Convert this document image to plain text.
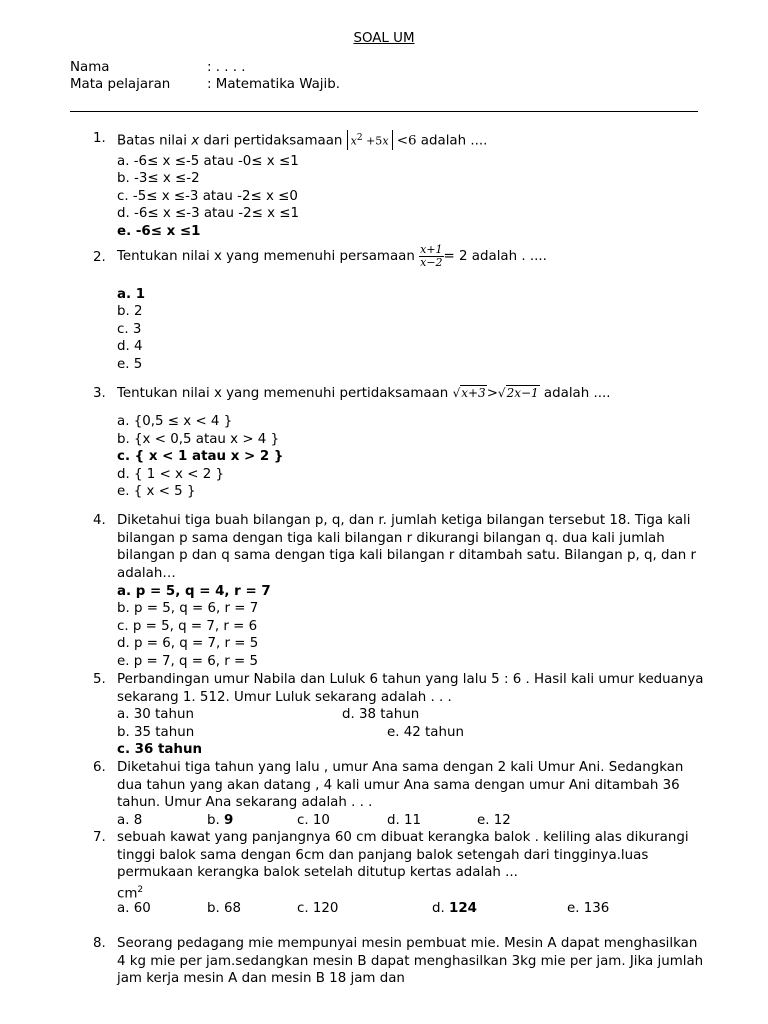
SOAL UM
Nama	: . . . .
Mata pelajaran	: Matematika Wajib.
1. Batas nilai x dari pertidaksamaan $x^2 +5x <6$ adalah ....
a. -6≤ x ≤-5 atau -0≤ x ≤1
b. -3≤ x ≤-2
c. -5≤ x ≤-3 atau -2≤ x ≤0
d. -6≤ x ≤-3 atau -2≤ x ≤1
e. -6≤ x ≤1
2. Tentukan nilai x yang memenuhi persamaan $\frac{x+1}{x-2} = 2$ adalah . ....
a. 1
b. 2
c. 3
d. 4
e. 5
3. Tentukan nilai x yang memenuhi pertidaksamaan √x+3>√2x−1 adalah ....
a. {0,5 ≤ x < 4 }
b. {x < 0,5 atau x > 4 }
c. { x < 1 atau x > 2 }
d. { 1 < x < 2 }
e. { x < 5 }
4. Diketahui tiga buah bilangan p, q, dan r. jumlah ketiga bilangan tersebut 18. Tiga kali bilangan p sama dengan tiga kali bilangan r dikurangi bilangan q. dua kali jumlah bilangan p dan q sama dengan tiga kali bilangan r ditambah satu. Bilangan p, q, dan r adalah…
a. p = 5, q = 4, r = 7
b. p = 5, q = 6, r = 7
c. p = 5, q = 7, r = 6
d. p = 6, q = 7, r = 5
e. p = 7, q = 6, r = 5
5. Perbandingan umur Nabila dan Luluk 6 tahun yang lalu 5 : 6 . Hasil kali umur keduanya sekarang 1. 512. Umur Luluk sekarang adalah . . .
a. 30 tahun	d. 38 tahun
b. 35 tahun	e. 42 tahun
c. 36 tahun
6. Diketahui tiga tahun yang lalu , umur Ana sama dengan 2 kali Umur Ani. Sedangkan dua tahun yang akan datang , 4 kali umur Ana sama dengan umur Ani ditambah 36 tahun. Umur Ana sekarang adalah . . .
a. 8	b. 9	c. 10	d. 11	e. 12
7. sebuah kawat yang panjangnya 60 cm dibuat kerangka balok . keliling alas dikurangi tinggi balok sama dengan 6cm dan panjang balok setengah dari tingginya.luas permukaan kerangka balok setelah ditutup kertas adalah ...
$cm^2$
a. 60	b. 68	c. 120	d. 124	e. 136
8. Seorang pedagang mie mempunyai mesin pembuat mie. Mesin A dapat menghasilkan 4 kg mie per jam.sedangkan mesin B dapat menghasilkan 3kg mie per jam. Jika jumlah jam kerja mesin A dan mesin B 18 jam dan
